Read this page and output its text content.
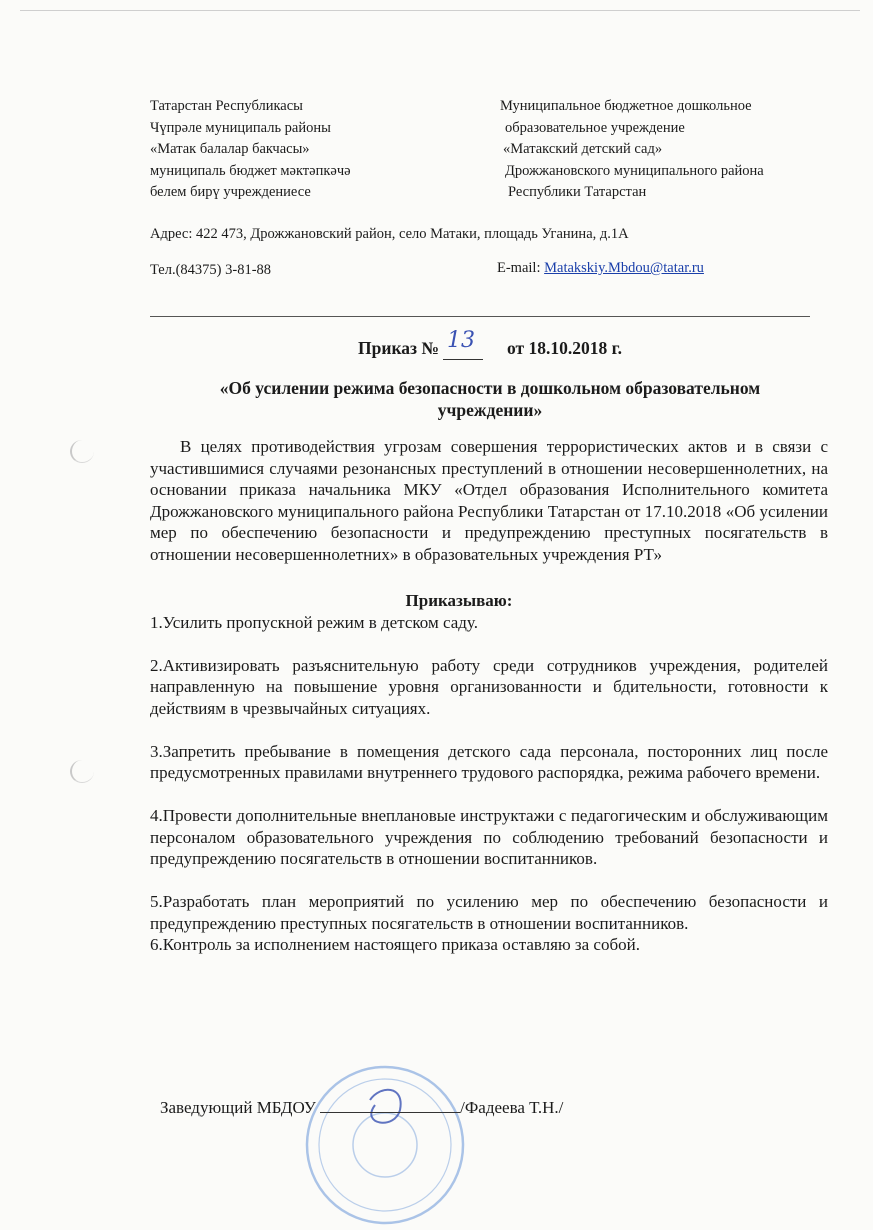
Татарстан Республикасы
Чүпрәле муниципаль районы
«Матак балалар бакчасы»
муниципаль бюджет мәктәпкәчә
белем бирү учреждениесе
Муниципальное бюджетное дошкольное
образовательное учреждение
«Матакский детский сад»
Дрожжановского муниципального района
Республики Татарстан
Адрес: 422 473, Дрожжановский район, село Матаки, площадь Уганина, д.1А
Тел.(84375) 3-81-88	E-mail: Matakskiy.Mbdou@tatar.ru
Приказ № 13 от 18.10.2018 г.
«Об усилении режима безопасности в дошкольном образовательном учреждении»

В целях противодействия угрозам совершения террористических актов и в связи с участившимися случаями резонансных преступлений в отношении несовершеннолетних, на основании приказа начальника МКУ «Отдел образования Исполнительного комитета Дрожжановского муниципального района Республики Татарстан от 17.10.2018 «Об усилении мер по обеспечению безопасности и предупреждению преступных посягательств в отношении несовершеннолетних» в образовательных учреждения РТ»

Приказываю:

1.Усилить пропускной режим в детском саду.

2.Активизировать разъяснительную работу среди сотрудников учреждения, родителей направленную на повышение уровня организованности и бдительности, готовности к действиям в чрезвычайных ситуациях.

3.Запретить пребывание в помещения детского сада персонала, посторонних лиц после предусмотренных правилами внутреннего трудового распорядка, режима рабочего времени.

4.Провести дополнительные внеплановые инструктажи с педагогическим и обслуживающим персоналом образовательного учреждения по соблюдению требований безопасности и предупреждению посягательств в отношении воспитанников.

5.Разработать план мероприятий по усилению мер по обеспечению безопасности и предупреждению преступных посягательств в отношении воспитанников.

6.Контроль за исполнением настоящего приказа оставляю за собой.

Заведующий МБДОУ	/Фадеева Т.Н./
